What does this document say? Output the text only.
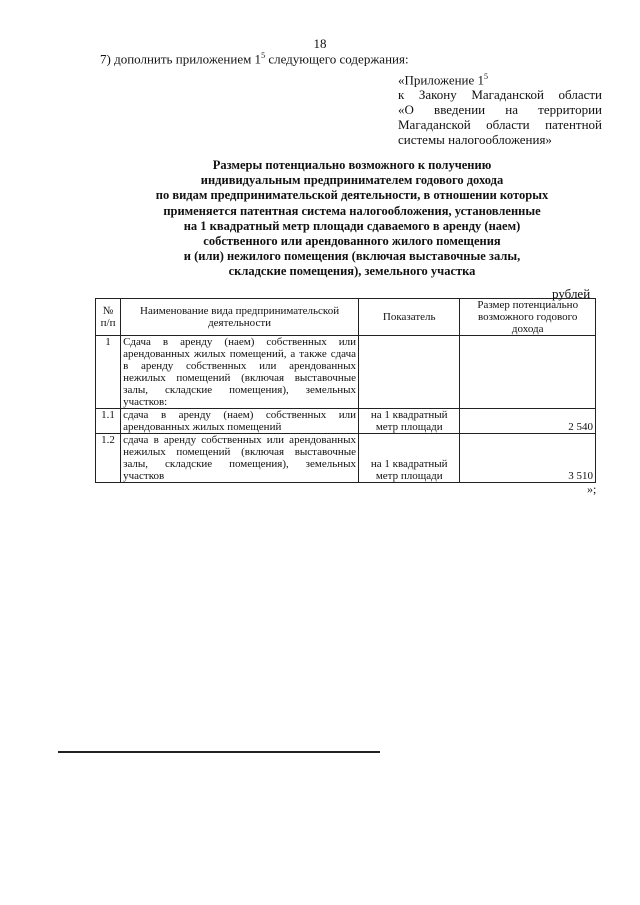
18
7) дополнить приложением $1^5$ следующего содержания:
«Приложение $1^5$
к Закону Магаданской области
«О введении на территории
Магаданской области патентной
системы налогообложения»
Размеры потенциально возможного к получению
индивидуальным предпринимателем годового дохода
по видам предпринимательской деятельности, в отношении которых
применяется патентная система налогообложения, установленные
на 1 квадратный метр площади сдаваемого в аренду (наем)
собственного или арендованного жилого помещения
и (или) нежилого помещения (включая выставочные залы,
складские помещения), земельного участка
рублей
№ п/п	Наименование вида предпринимательской деятельности	Показатель	Размер потенциально возможного годового дохода
1	Сдача в аренду (наем) собственных или арендованных жилых помещений, а также сдача в аренду собственных или арендованных нежилых помещений (включая выставочные залы, складские помещения), земельных участков:		
1.1	сдача в аренду (наем) собственных или арендованных жилых помещений	на 1 квадратный метр площади	2 540
1.2	сдача в аренду собственных или арендованных нежилых помещений (включая выставочные залы, складские помещения), земельных участков	на 1 квадратный метр площади	3 510
»;
